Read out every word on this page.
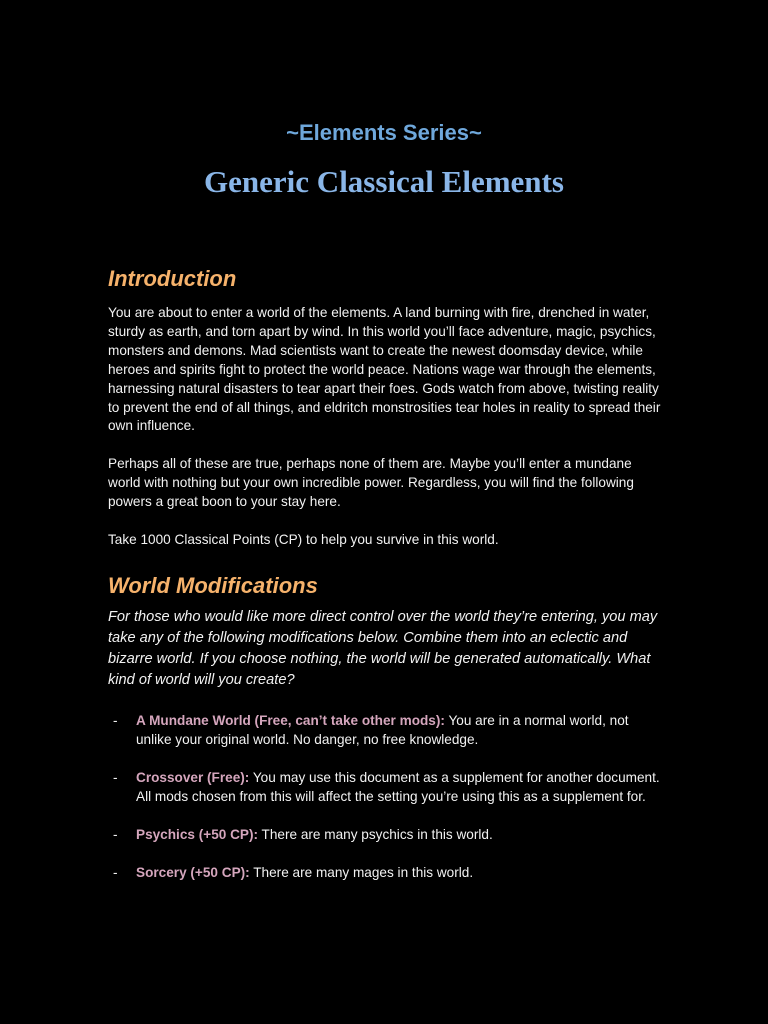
~Elements Series~
Generic Classical Elements
Introduction

You are about to enter a world of the elements. A land burning with fire, drenched in water, sturdy as earth, and torn apart by wind. In this world you’ll face adventure, magic, psychics, monsters and demons. Mad scientists want to create the newest doomsday device, while heroes and spirits fight to protect the world peace. Nations wage war through the elements, harnessing natural disasters to tear apart their foes. Gods watch from above, twisting reality to prevent the end of all things, and eldritch monstrosities tear holes in reality to spread their own influence.

Perhaps all of these are true, perhaps none of them are. Maybe you’ll enter a mundane world with nothing but your own incredible power. Regardless, you will find the following powers a great boon to your stay here.

Take 1000 Classical Points (CP) to help you survive in this world.

World Modifications

For those who would like more direct control over the world they’re entering, you may take any of the following modifications below. Combine them into an eclectic and bizarre world. If you choose nothing, the world will be generated automatically. What kind of world will you create?

- A Mundane World (Free, can’t take other mods): You are in a normal world, not unlike your original world. No danger, no free knowledge.
- Crossover (Free): You may use this document as a supplement for another document. All mods chosen from this will affect the setting you’re using this as a supplement for.
- Psychics (+50 CP): There are many psychics in this world.
- Sorcery (+50 CP): There are many mages in this world.
